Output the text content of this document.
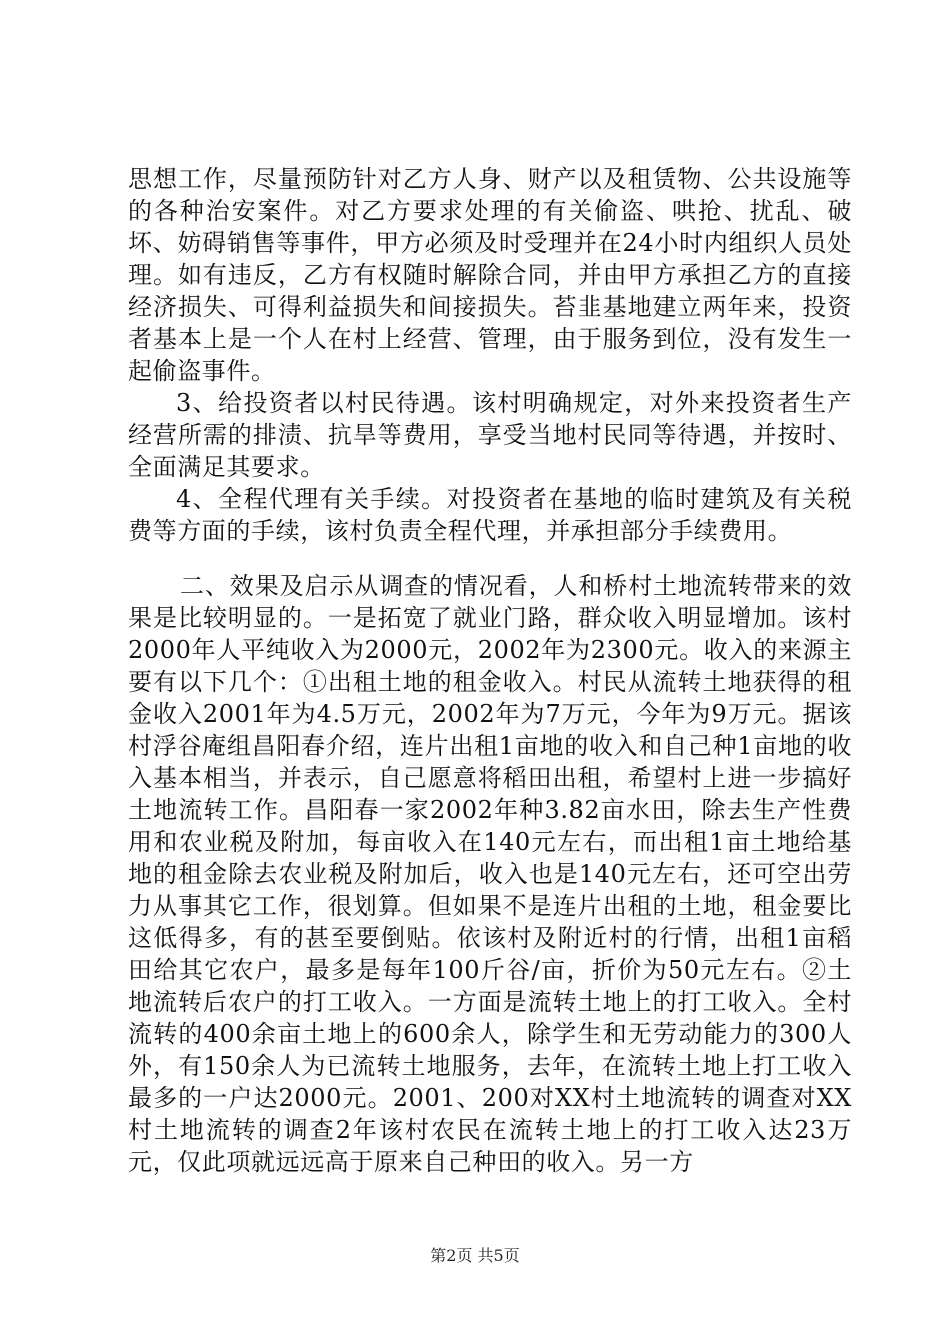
思想工作，尽量预防针对乙方人身、财产以及租赁物、公共设施等的各种治安案件。对乙方要求处理的有关偷盗、哄抢、扰乱、破坏、妨碍销售等事件，甲方必须及时受理并在24小时内组织人员处理。如有违反，乙方有权随时解除合同，并由甲方承担乙方的直接经济损失、可得利益损失和间接损失。苔韭基地建立两年来，投资者基本上是一个人在村上经营、管理，由于服务到位，没有发生一起偷盗事件。

3、给投资者以村民待遇。该村明确规定，对外来投资者生产经营所需的排渍、抗旱等费用，享受当地村民同等待遇，并按时、全面满足其要求。

4、全程代理有关手续。对投资者在基地的临时建筑及有关税费等方面的手续，该村负责全程代理，并承担部分手续费用。

二、效果及启示从调查的情况看，人和桥村土地流转带来的效果是比较明显的。一是拓宽了就业门路，群众收入明显增加。该村2000年人平纯收入为2000元，2002年为2300元。收入的来源主要有以下几个：①出租土地的租金收入。村民从流转土地获得的租金收入2001年为4.5万元，2002年为7万元，今年为9万元。据该村浮谷庵组昌阳春介绍，连片出租1亩地的收入和自己种1亩地的收入基本相当，并表示，自己愿意将稻田出租，希望村上进一步搞好土地流转工作。昌阳春一家2002年种3.82亩水田，除去生产性费用和农业税及附加，每亩收入在140元左右，而出租1亩土地给基地的租金除去农业税及附加后，收入也是140元左右，还可空出劳力从事其它工作，很划算。但如果不是连片出租的土地，租金要比这低得多，有的甚至要倒贴。依该村及附近村的行情，出租1亩稻田给其它农户，最多是每年100斤谷/亩，折价为50元左右。②土地流转后农户的打工收入。一方面是流转土地上的打工收入。全村流转的400余亩土地上的600余人，除学生和无劳动能力的300人外，有150余人为已流转土地服务，去年，在流转土地上打工收入最多的一户达2000元。2001、200对XX村土地流转的调查对XX村土地流转的调查2年该村农民在流转土地上的打工收入达23万元，仅此项就远远高于原来自己种田的收入。另一方

第2页 共5页
